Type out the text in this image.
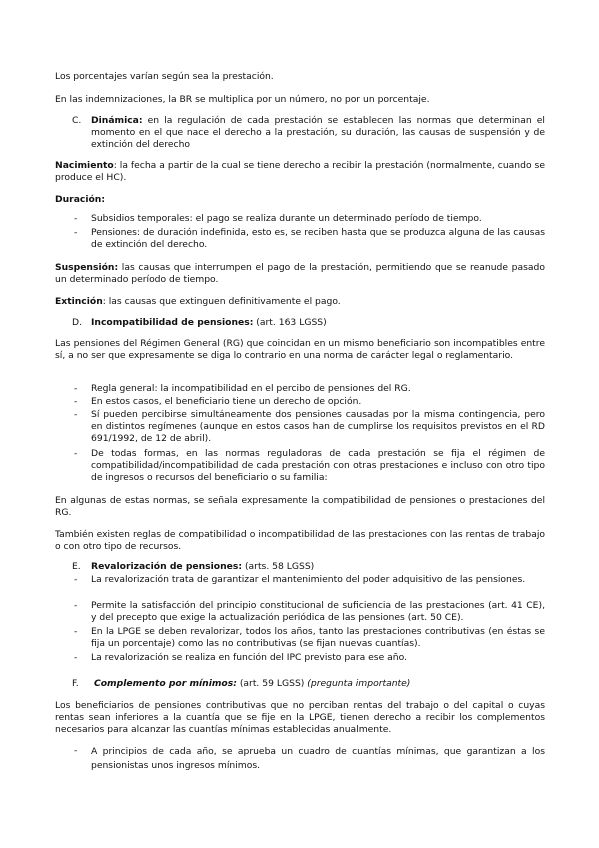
Los porcentajes varían según sea la prestación.
En las indemnizaciones, la BR se multiplica por un número, no por un porcentaje.
C.	Dinámica: en la regulación de cada prestación se establecen las normas que determinan el momento en el que nace el derecho a la prestación, su duración, las causas de suspensión y de extinción del derecho
Nacimiento: la fecha a partir de la cual se tiene derecho a recibir la prestación (normalmente, cuando se produce el HC).
Duración:
- Subsidios temporales: el pago se realiza durante un determinado período de tiempo.
- Pensiones: de duración indefinida, esto es, se reciben hasta que se produzca alguna de las causas de extinción del derecho.
Suspensión: las causas que interrumpen el pago de la prestación, permitiendo que se reanude pasado un determinado período de tiempo.
Extinción: las causas que extinguen definitivamente el pago.
D. Incompatibilidad de pensiones: (art. 163 LGSS)
Las pensiones del Régimen General (RG) que coincidan en un mismo beneficiario son incompatibles entre sí, a no ser que expresamente se diga lo contrario en una norma de carácter legal o reglamentario.
- Regla general: la incompatibilidad en el percibo de pensiones del RG.
- En estos casos, el beneficiario tiene un derecho de opción.
- Sí pueden percibirse simultáneamente dos pensiones causadas por la misma contingencia, pero en distintos regímenes (aunque en estos casos han de cumplirse los requisitos previstos en el RD 691/1992, de 12 de abril).
- De todas formas, en las normas reguladoras de cada prestación se fija el régimen de compatibilidad/incompatibilidad de cada prestación con otras prestaciones e incluso con otro tipo de ingresos o recursos del beneficiario o su familia:
En algunas de estas normas, se señala expresamente la compatibilidad de pensiones o prestaciones del RG.
También existen reglas de compatibilidad o incompatibilidad de las prestaciones con las rentas de trabajo o con otro tipo de recursos.
E.	Revalorización de pensiones: (arts. 58 LGSS)
- La revalorización trata de garantizar el mantenimiento del poder adquisitivo de las pensiones.
- Permite la satisfacción del principio constitucional de suficiencia de las prestaciones (art. 41 CE), y del precepto que exige la actualización periódica de las pensiones (art. 50 CE).
- En la LPGE se deben revalorizar, todos los años, tanto las prestaciones contributivas (en éstas se fija un porcentaje) como las no contributivas (se fijan nuevas cuantías).
- La revalorización se realiza en función del IPC previsto para ese año.
F.	Complemento por mínimos: (art. 59 LGSS) (pregunta importante)
Los beneficiarios de pensiones contributivas que no perciban rentas del trabajo o del capital o cuyas rentas sean inferiores a la cuantía que se fije en la LPGE, tienen derecho a recibir los complementos necesarios para alcanzar las cuantías mínimas establecidas anualmente.
- A principios de cada año, se aprueba un cuadro de cuantías mínimas, que garantizan a los pensionistas unos ingresos mínimos.
